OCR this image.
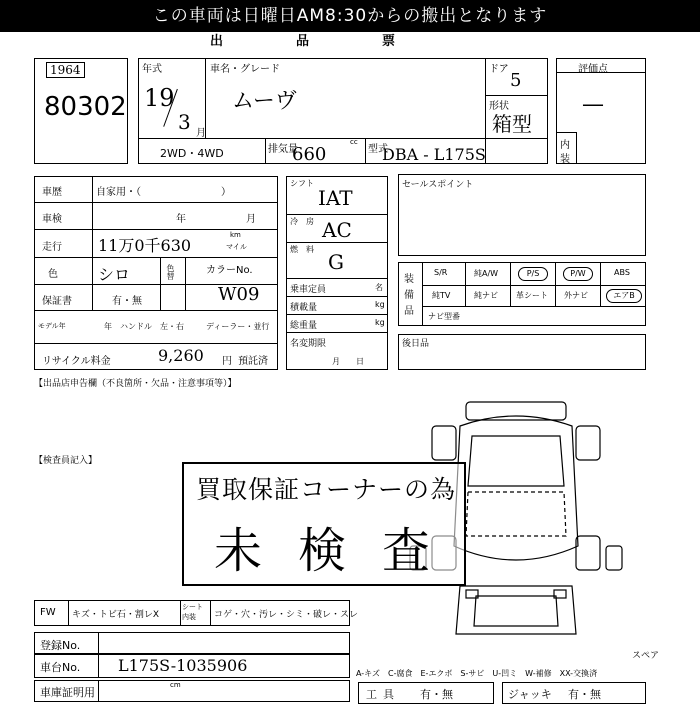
この車両は日曜日AM8:30からの搬出となります
出　品　票
1964
80302
年式
19
3 月
車名・グレード
ムーヴ
ドア
5
形状
箱型
2WD・4WD	排気量
cc
660	型式
DBA - L175S
評価点
—
内
装
車歴	自家用・（　　　　　　　　）
車検	年	月
走行 11万0千630
km
マイル
色	シロ	色替	カラーNo.
W09
保証書	有・無
モデル年	年 ハンドル　左・右	ディーラー・並行
リサイクル料金	9,260 円 預託済
シフト
IAT
冷房 AC
燃料
G
乗車定員	名
積載量	kg
総重量	kg
名変期限
月　　日
セールスポイント
装備品
S/R	純A/W	P/S	P/W	ABS
純TV	純ナビ 革シート 外ナビ	エアB
ナビ型番
後日品
【出品店申告欄（不良箇所・欠品・注意事項等）】
【検査員記入】
買取保証コーナーの為
未検査
FW キズ・トビ石・割レX
シート内装	コゲ・穴・汚レ・シミ・破レ・スレ
登録No.
車台No. L175S-1035906
車庫証明用
cm
A-キズ　C-腐食　E-エクボ　S-サビ　U-凹ミ　W-補修　XX-交換済
スペア
工具 有・無	ジャッキ 有・無
